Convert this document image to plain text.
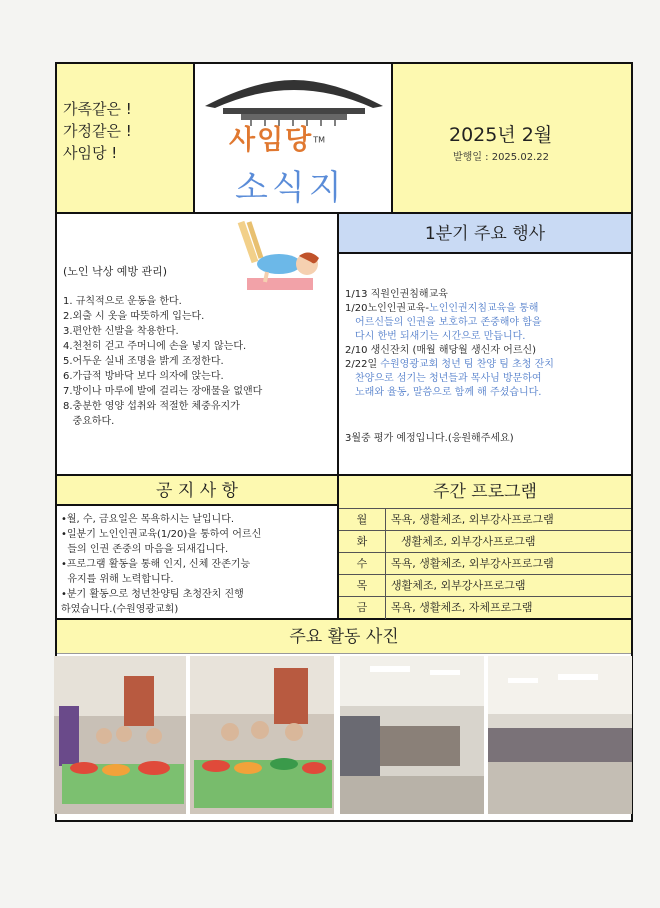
가족같은 !
가정같은 !
사임당 !	사임당™
소식지
2025년 2월
발행일 : 2025.02.22
(노인 낙상 예방 관리)

1. 규칙적으로 운동을 한다.

2.외출 시 옷을 따뜻하게 입는다.

3.편안한 신발을 착용한다.

4.천천히 걷고 주머니에 손을 넣지 않는다.

5.어두운 실내 조명을 밝게 조정한다.

6.가급적 방바닥 보다 의자에 앉는다.

7.방이나 마루에 발에 걸리는 장애물을 없앤다

8.충분한 영양 섭취와 적절한 체중유지가

중요하다.

1분기 주요 행사

1/13 직원인권침해교육

1/20노인인권교육-노인인권지침교육을 통해

어르신들의 인권을 보호하고 존중해야 함을

다시 한번 되새기는 시간으로 만듭니다.

2/10 생신잔치 (매월 해당월 생신자 어르신)

2/22일 수원영광교회 청년 팀 찬양 팀 초청 잔치

찬양으로 섬기는 청년들과 목사님 방문하여

노래와 율동, 말씀으로 함께 해 주셨습니다.

3월중 평가 예정입니다.(응원해주세요)
공 지 사 항

•월, 수, 금요일은 목욕하시는 날입니다.

•일분기 노인인권교육(1/20)을 통하여 어르신

들의 인권 존중의 마음을 되새깁니다.

•프로그램 활동을 통해 인지, 신체 잔존기능

유지를 위해 노력합니다.

•분기 활동으로 청년찬양팀 초청잔치 진행

하였습니다.(수원영광교회)

주간 프로그램
월	목욕, 생활체조, 외부강사프로그램
화	생활체조, 외부강사프로그램
수	목욕, 생활체조, 외부강사프로그램
목	생활체조, 외부강사프로그램
금	목욕, 생활체조, 자체프로그램
주요 활동 사진
